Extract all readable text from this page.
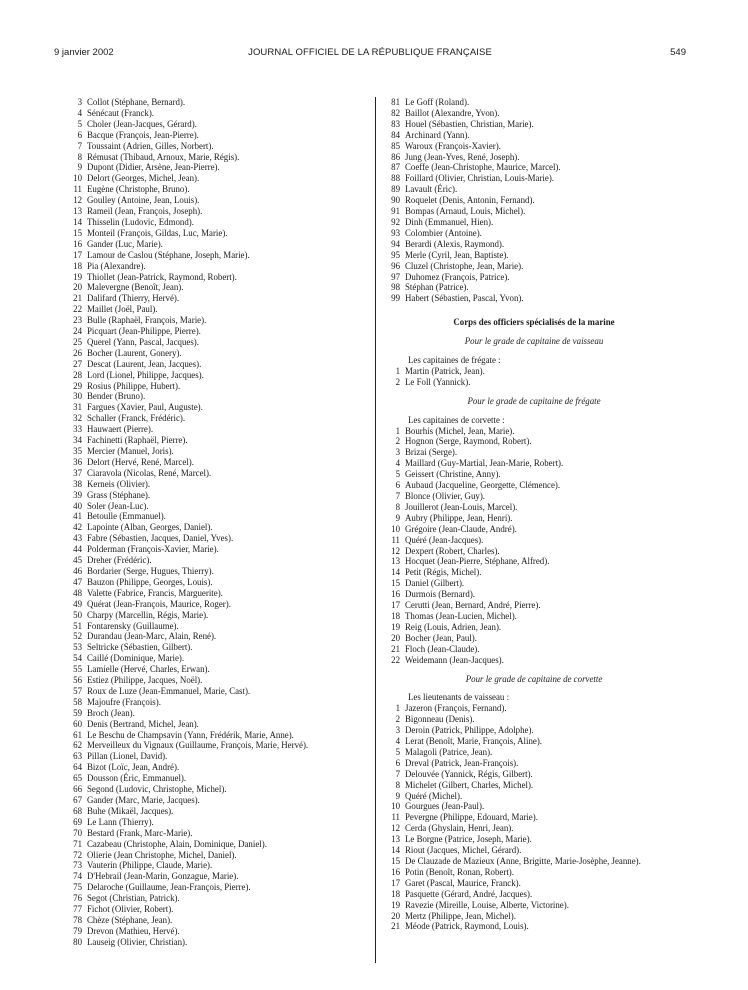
9 janvier 2002	JOURNAL OFFICIEL DE LA RÉPUBLIQUE FRANÇAISE	549
3 Collot (Stéphane, Bernard).
4 Sénécaut (Franck).
5 Choler (Jean-Jacques, Gérard).
6 Bacque (François, Jean-Pierre).
7 Toussaint (Adrien, Gilles, Norbert).
8 Rémusat (Thibaud, Arnoux, Marie, Régis).
9 Dupont (Didier, Arsène, Jean-Pierre).
10 Delort (Georges, Michel, Jean).
11 Eugène (Christophe, Bruno).
12 Goulley (Antoine, Jean, Louis).
13 Rameil (Jean, François, Joseph).
14 Thisselin (Ludovic, Edmond).
15 Monteil (François, Gildas, Luc, Marie).
16 Gander (Luc, Marie).
17 Lamour de Caslou (Stéphane, Joseph, Marie).
18 Pia (Alexandre).
19 Thiollet (Jean-Patrick, Raymond, Robert).
20 Malevergne (Benoît, Jean).
21 Dalifard (Thierry, Hervé).
22 Maillet (Joël, Paul).
23 Bulle (Raphaël, François, Marie).
24 Picquart (Jean-Philippe, Pierre).
25 Querel (Yann, Pascal, Jacques).
26 Bocher (Laurent, Gonery).
27 Descat (Laurent, Jean, Jacques).
28 Lord (Lionel, Philippe, Jacques).
29 Rosius (Philippe, Hubert).
30 Bender (Bruno).
31 Fargues (Xavier, Paul, Auguste).
32 Schaller (Franck, Frédéric).
33 Hauwaert (Pierre).
34 Fachinetti (Raphaël, Pierre).
35 Mercier (Manuel, Joris).
36 Delort (Hervé, René, Marcel).
37 Ciaravola (Nicolas, René, Marcel).
38 Kerneis (Olivier).
39 Grass (Stéphane).
40 Soler (Jean-Luc).
41 Betoulle (Emmanuel).
42 Lapointe (Alban, Georges, Daniel).
43 Fabre (Sébastien, Jacques, Daniel, Yves).
44 Polderman (François-Xavier, Marie).
45 Dreher (Frédéric).
46 Bordarier (Serge, Hugues, Thierry).
47 Bauzon (Philippe, Georges, Louis).
48 Valette (Fabrice, Francis, Marguerite).
49 Quérat (Jean-François, Maurice, Roger).
50 Charpy (Marcellin, Régis, Marie).
51 Fontarensky (Guillaume).
52 Durandau (Jean-Marc, Alain, René).
53 Seltricke (Sébastien, Gilbert).
54 Caillé (Dominique, Marie).
55 Lamielle (Hervé, Charles, Erwan).
56 Estiez (Philippe, Jacques, Noël).
57 Roux de Luze (Jean-Emmanuel, Marie, Cast).
58 Majoufre (François).
59 Broch (Jean).
60 Denis (Bertrand, Michel, Jean).
61 Le Beschu de Champsavin (Yann, Frédérik, Marie, Anne).
62 Merveilleux du Vignaux (Guillaume, François, Marie, Hervé).
63 Pillan (Lionel, David).
64 Bizot (Loïc, Jean, André).
65 Dousson (Éric, Emmanuel).
66 Segond (Ludovic, Christophe, Michel).
67 Gander (Marc, Marie, Jacques).
68 Buhe (Mikaël, Jacques).
69 Le Lann (Thierry).
70 Bestard (Frank, Marc-Marie).
71 Cazabeau (Christophe, Alain, Dominique, Daniel).
72 Olierie (Jean Christophe, Michel, Daniel).
73 Vauterin (Philippe, Claude, Marie).
74 D'Hebrail (Jean-Marin, Gonzague, Marie).
75 Delaroche (Guillaume, Jean-François, Pierre).
76 Segot (Christian, Patrick).
77 Fichot (Olivier, Robert).
78 Chèze (Stéphane, Jean).
79 Drevon (Mathieu, Hervé).
80 Lauseig (Olivier, Christian).
81 Le Goff (Roland).
82 Baillot (Alexandre, Yvon).
83 Houel (Sébastien, Christian, Marie).
84 Archinard (Yann).
85 Waroux (François-Xavier).
86 Jung (Jean-Yves, René, Joseph).
87 Coeffe (Jean-Christophe, Maurice, Marcel).
88 Foillard (Olivier, Christian, Louis-Marie).
89 Lavault (Éric).
90 Roquelet (Denis, Antonin, Fernand).
91 Bompas (Arnaud, Louis, Michel).
92 Dinh (Emmanuel, Hien).
93 Colombier (Antoine).
94 Berardi (Alexis, Raymond).
95 Merle (Cyril, Jean, Baptiste).
96 Cluzel (Christophe, Jean, Marie).
97 Duhomez (François, Patrice).
98 Stéphan (Patrice).
99 Habert (Sébastien, Pascal, Yvon).
Corps des officiers spécialisés de la marine
Pour le grade de capitaine de vaisseau
Les capitaines de frégate :
1 Martin (Patrick, Jean).
2 Le Foll (Yannick).
Pour le grade de capitaine de frégate
Les capitaines de corvette :
1 Bourhis (Michel, Jean, Marie).
2 Hognon (Serge, Raymond, Robert).
3 Brizai (Serge).
4 Maillard (Guy-Martial, Jean-Marie, Robert).
5 Geissert (Christine, Anny).
6 Aubaud (Jacqueline, Georgette, Clémence).
7 Blonce (Olivier, Guy).
8 Jouillerot (Jean-Louis, Marcel).
9 Aubry (Philippe, Jean, Henri).
10 Grégoire (Jean-Claude, André).
11 Quéré (Jean-Jacques).
12 Dexpert (Robert, Charles).
13 Hocquet (Jean-Pierre, Stéphane, Alfred).
14 Petit (Régis, Michel).
15 Daniel (Gilbert).
16 Durmois (Bernard).
17 Cerutti (Jean, Bernard, André, Pierre).
18 Thomas (Jean-Lucien, Michel).
19 Reig (Louis, Adrien, Jean).
20 Bocher (Jean, Paul).
21 Floch (Jean-Claude).
22 Weidemann (Jean-Jacques).
Pour le grade de capitaine de corvette
Les lieutenants de vaisseau :
1 Jazeron (François, Fernand).
2 Bigonneau (Denis).
3 Deroin (Patrick, Philippe, Adolphe).
4 Lerat (Benoît, Marie, François, Aline).
5 Malagoli (Patrice, Jean).
6 Dreval (Patrick, Jean-François).
7 Delouvée (Yannick, Régis, Gilbert).
8 Michelet (Gilbert, Charles, Michel).
9 Quéré (Michel).
10 Gourgues (Jean-Paul).
11 Pevergne (Philippe, Edouard, Marie).
12 Cerda (Ghyslain, Henri, Jean).
13 Le Borgne (Patrice, Joseph, Marie).
14 Riout (Jacques, Michel, Gérard).
15 De Clauzade de Mazieux (Anne, Brigitte, Marie-Josèphe, Jeanne).
16 Potin (Benoît, Ronan, Robert).
17 Garet (Pascal, Maurice, Franck).
18 Pasquette (Gérard, André, Jacques).
19 Ravezie (Mireille, Louise, Alberte, Victorine).
20 Mertz (Philippe, Jean, Michel).
21 Méode (Patrick, Raymond, Louis).
